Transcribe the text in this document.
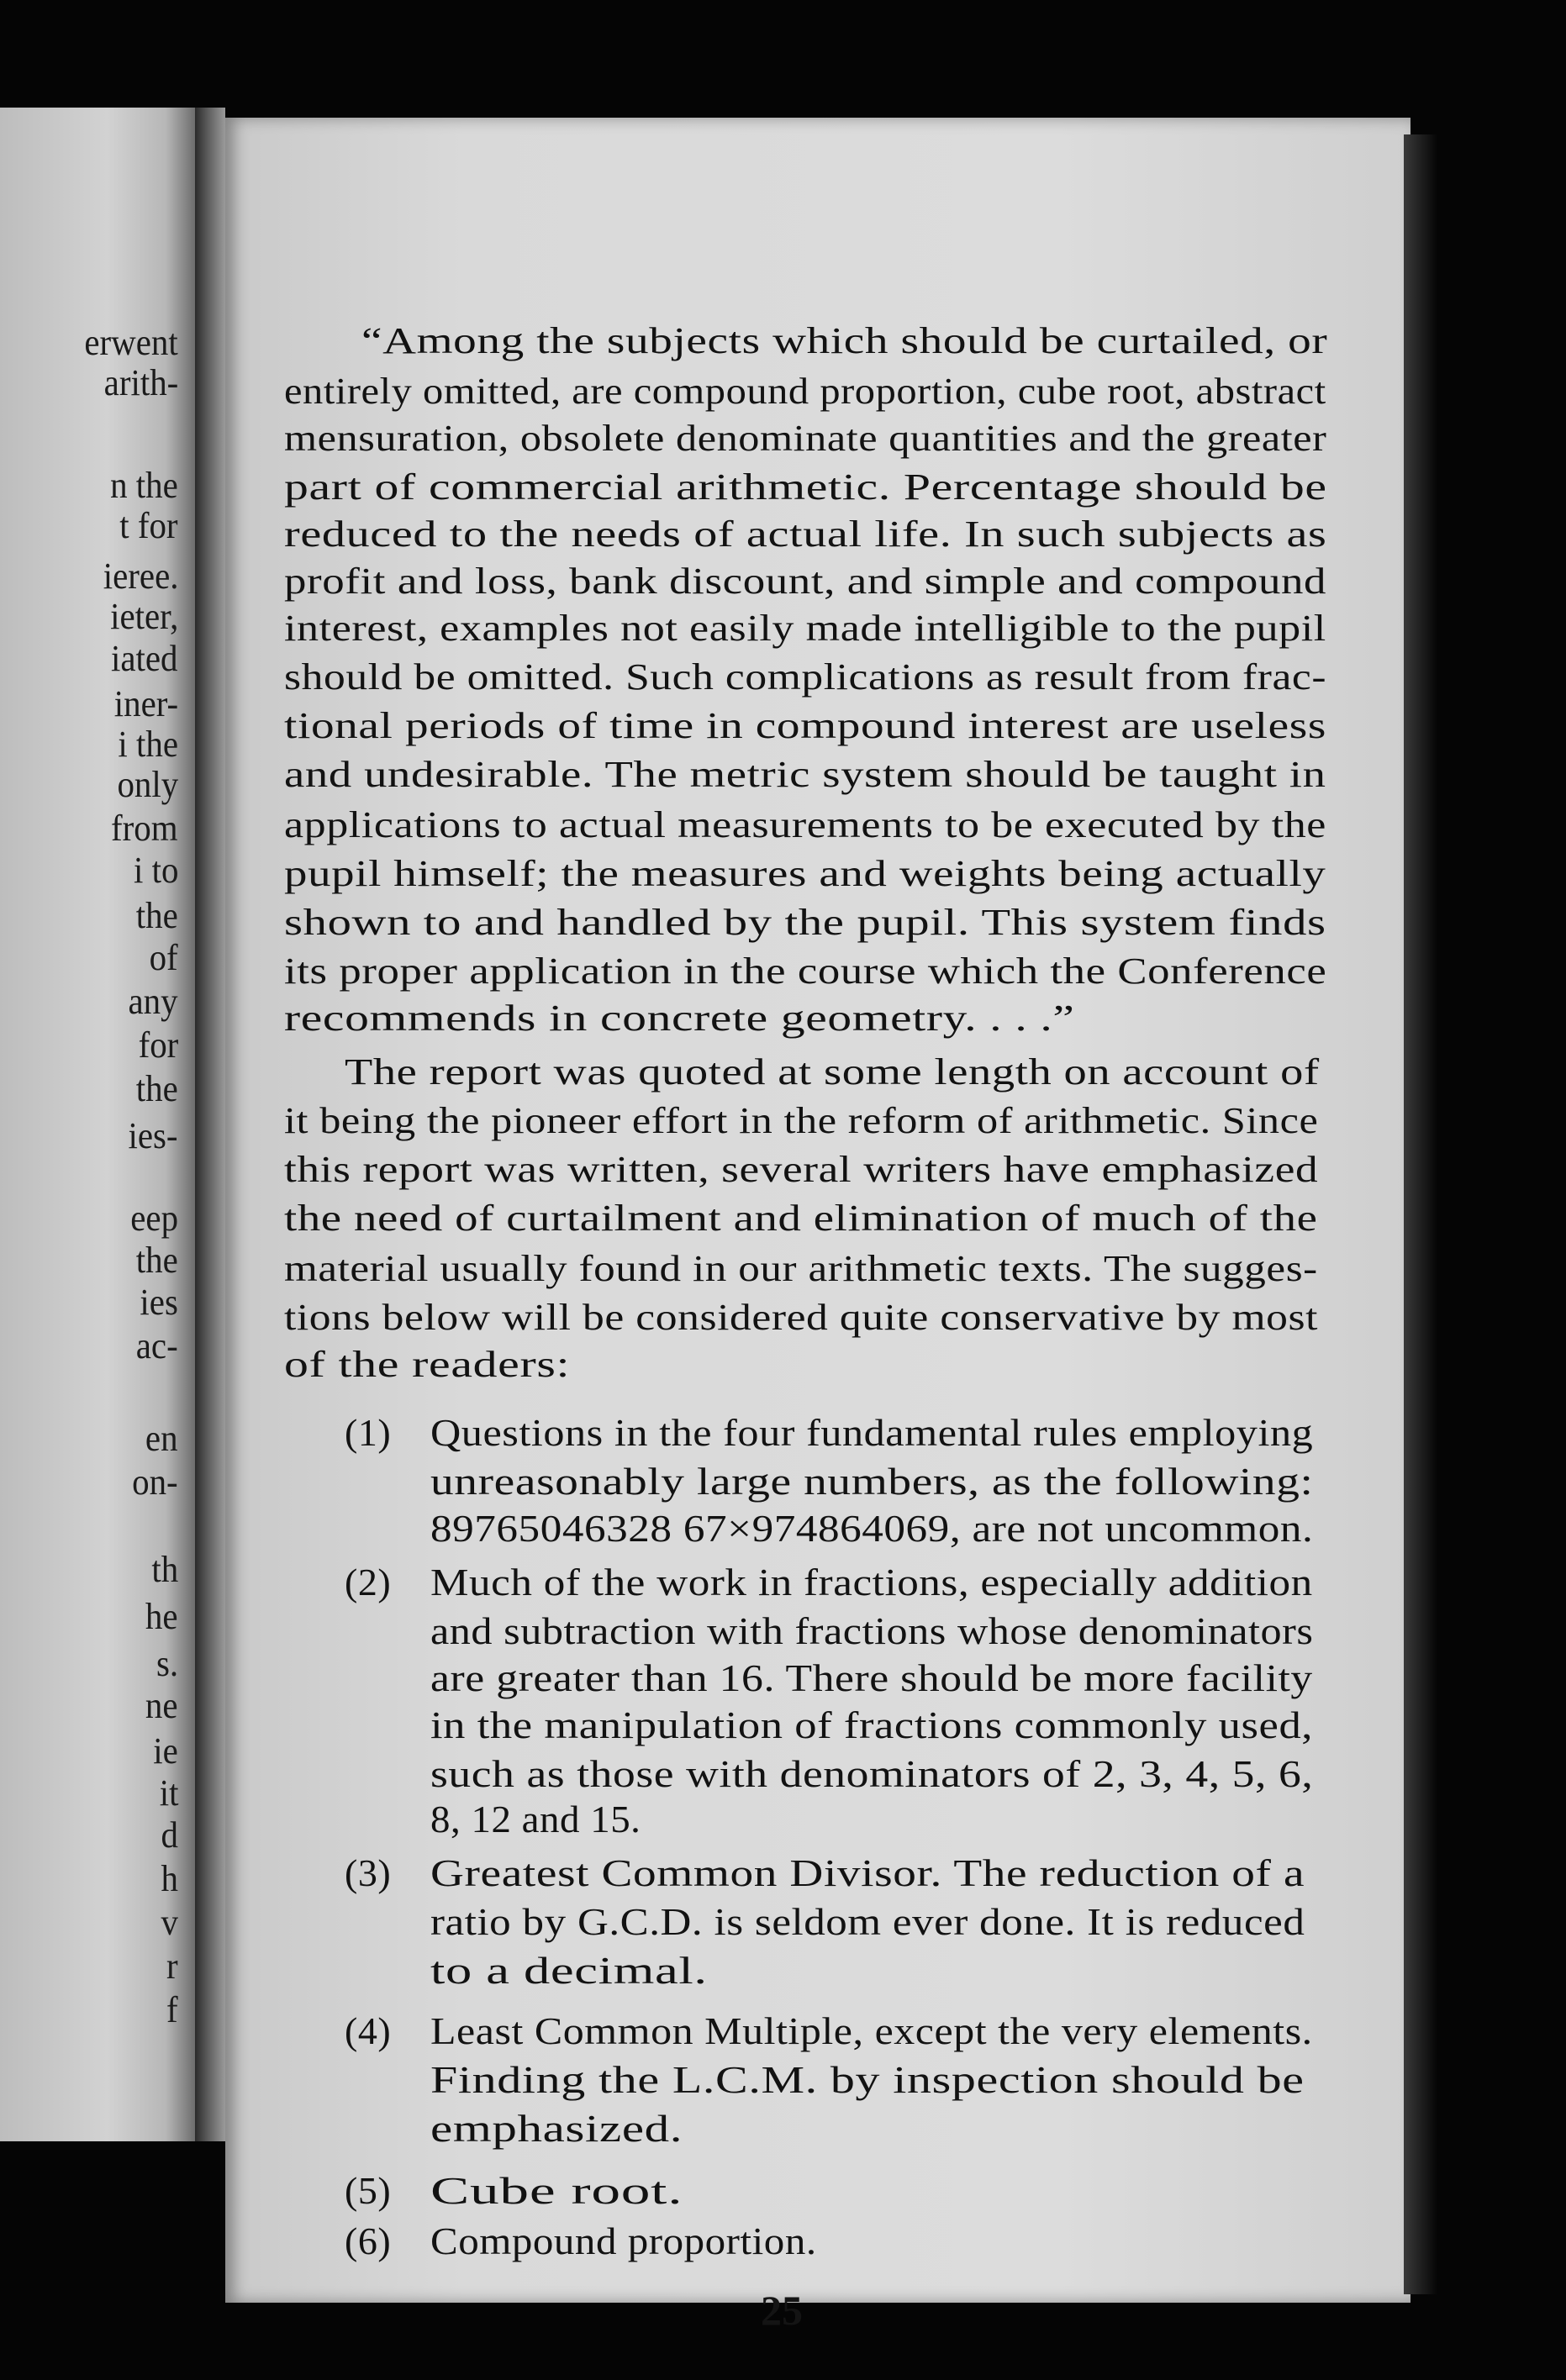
erwent
arith-
n the
t for
ieree.
ieter,
iated
iner-
i the
only
from
i to
the
of
any
for
the
ies-
eep
the
ies
ac-
en
on-
th
he
s.
ne
ie
it
d
h
v
r
f
“Among the subjects which should be curtailed, or
entirely omitted, are compound proportion, cube root, abstract
mensuration, obsolete denominate quantities and the greater
part of commercial arithmetic. Percentage should be
reduced to the needs of actual life. In such subjects as
profit and loss, bank discount, and simple and compound
interest, examples not easily made intelligible to the pupil
should be omitted. Such complications as result from frac-
tional periods of time in compound interest are useless
and undesirable. The metric system should be taught in
applications to actual measurements to be executed by the
pupil himself; the measures and weights being actually
shown to and handled by the pupil. This system finds
its proper application in the course which the Conference
recommends in concrete geometry. . . .”
The report was quoted at some length on account of
it being the pioneer effort in the reform of arithmetic. Since
this report was written, several writers have emphasized
the need of curtailment and elimination of much of the
material usually found in our arithmetic texts. The sugges-
tions below will be considered quite conservative by most
of the readers:
(1) Questions in the four fundamental rules employing
unreasonably large numbers, as the following:
89765046328 67×974864069, are not uncommon.
(2) Much of the work in fractions, especially addition
and subtraction with fractions whose denominators
are greater than 16. There should be more facility
in the manipulation of fractions commonly used,
such as those with denominators of 2, 3, 4, 5, 6,
8, 12 and 15.
(3) Greatest Common Divisor. The reduction of a
ratio by G.C.D. is seldom ever done. It is reduced
to a decimal.
(4) Least Common Multiple, except the very elements.
Finding the L.C.M. by inspection should be
emphasized.
(5) Cube root.
(6) Compound proportion.
25
